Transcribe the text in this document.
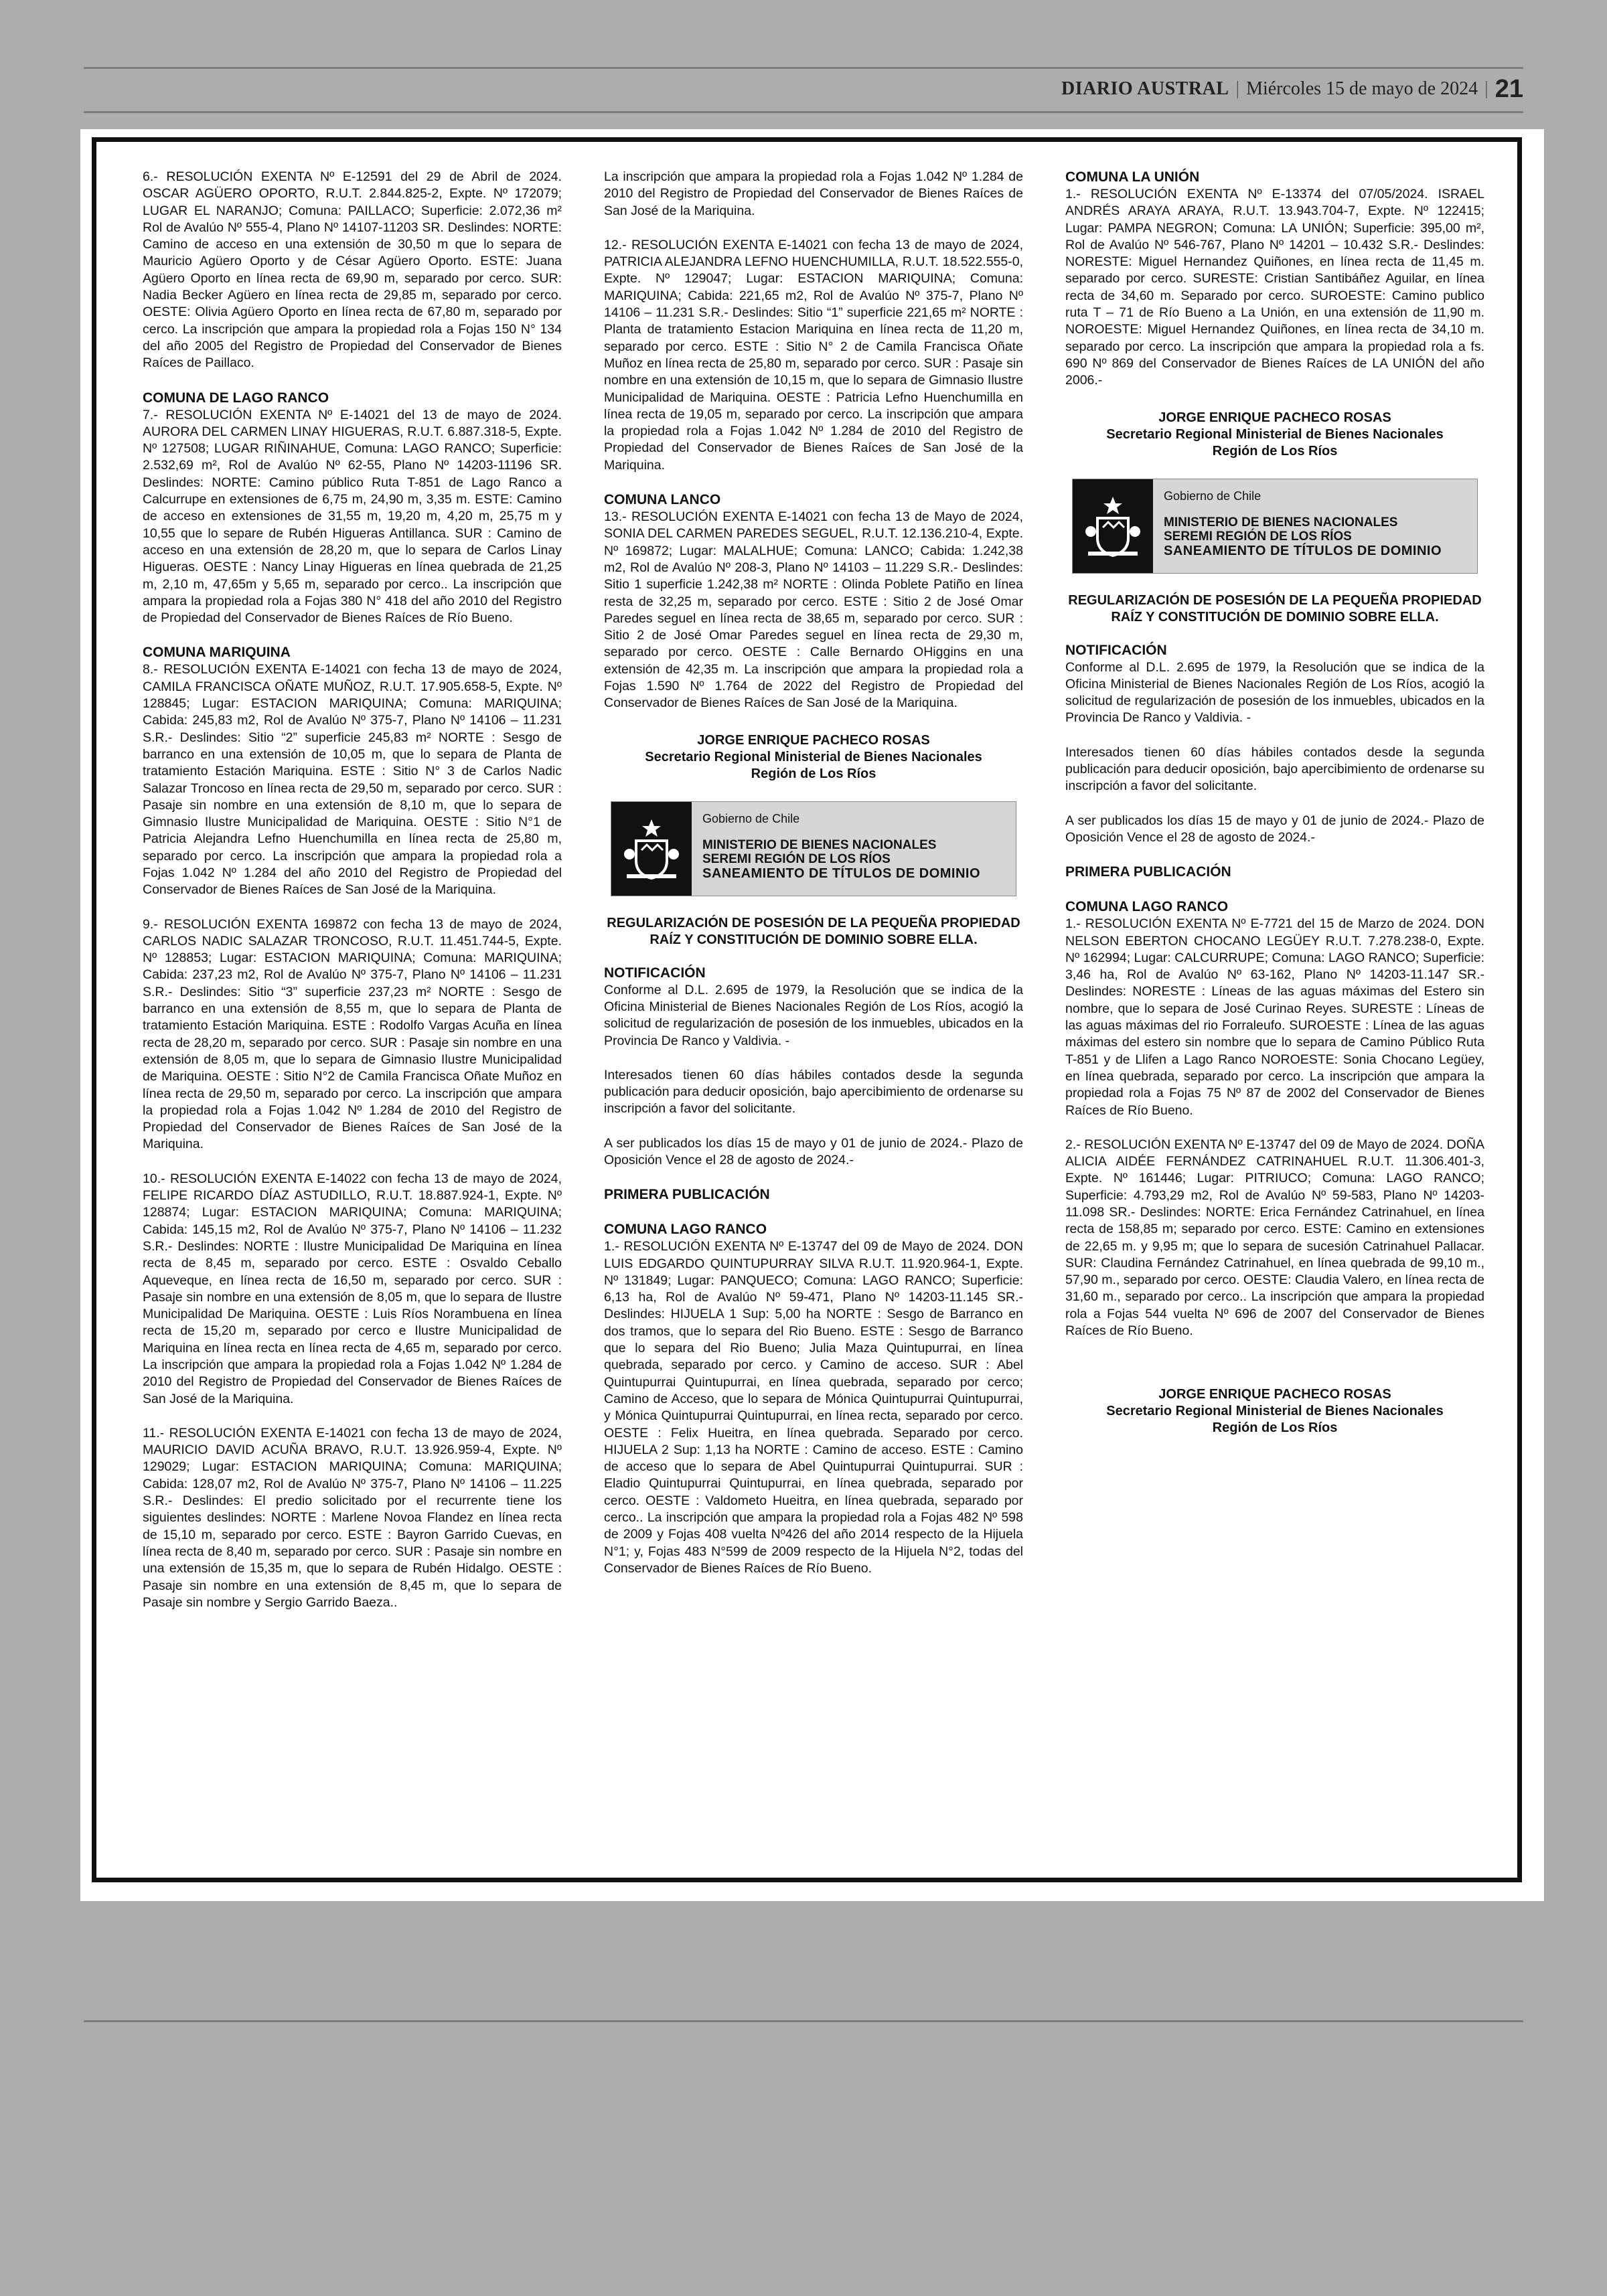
DIARIO AUSTRAL | Miércoles 15 de mayo de 2024 | 21

6.- RESOLUCIÓN EXENTA Nº E-12591 del 29 de Abril de 2024. OSCAR AGÜERO OPORTO, R.U.T. 2.844.825-2, Expte. Nº 172079; LUGAR EL NARANJO; Comuna: PAILLACO; Superficie: 2.072,36 m² Rol de Avalúo Nº 555-4, Plano Nº 14107-11203 SR. Deslindes: NORTE: Camino de acceso en una extensión de 30,50 m que lo separa de Mauricio Agüero Oporto y de César Agüero Oporto. ESTE: Juana Agüero Oporto en línea recta de 69,90 m, separado por cerco. SUR: Nadia Becker Agüero en línea recta de 29,85 m, separado por cerco. OESTE: Olivia Agüero Oporto en línea recta de 67,80 m, separado por cerco. La inscripción que ampara la propiedad rola a Fojas 150 N° 134 del año 2005 del Registro de Propiedad del Conservador de Bienes Raíces de Paillaco.

COMUNA DE LAGO RANCO

7.- RESOLUCIÓN EXENTA Nº E-14021 del 13 de mayo de 2024. AURORA DEL CARMEN LINAY HIGUERAS, R.U.T. 6.887.318-5, Expte. Nº 127508; LUGAR RIÑINAHUE, Comuna: LAGO RANCO; Superficie: 2.532,69 m², Rol de Avalúo Nº 62-55, Plano Nº 14203-11196 SR. Deslindes: NORTE: Camino público Ruta T-851 de Lago Ranco a Calcurrupe en extensiones de 6,75 m, 24,90 m, 3,35 m. ESTE: Camino de acceso en extensiones de 31,55 m, 19,20 m, 4,20 m, 25,75 m y 10,55 que lo separe de Rubén Higueras Antillanca. SUR : Camino de acceso en una extensión de 28,20 m, que lo separa de Carlos Linay Higueras. OESTE : Nancy Linay Higueras en línea quebrada de 21,25 m, 2,10 m, 47,65m y 5,65 m, separado por cerco.. La inscripción que ampara la propiedad rola a Fojas 380 N° 418 del año 2010 del Registro de Propiedad del Conservador de Bienes Raíces de Río Bueno.

COMUNA MARIQUINA

8.- RESOLUCIÓN EXENTA E-14021 con fecha 13 de mayo de 2024, CAMILA FRANCISCA OÑATE MUÑOZ, R.U.T. 17.905.658-5, Expte. Nº 128845; Lugar: ESTACION MARIQUINA; Comuna: MARIQUINA; Cabida: 245,83 m2, Rol de Avalúo Nº 375-7, Plano Nº 14106 – 11.231 S.R.- Deslindes: Sitio “2” superficie 245,83 m² NORTE : Sesgo de barranco en una extensión de 10,05 m, que lo separa de Planta de tratamiento Estación Mariquina. ESTE : Sitio N° 3 de Carlos Nadic Salazar Troncoso en línea recta de 29,50 m, separado por cerco. SUR : Pasaje sin nombre en una extensión de 8,10 m, que lo separa de Gimnasio Ilustre Municipalidad de Mariquina. OESTE : Sitio N°1 de Patricia Alejandra Lefno Huenchumilla en línea recta de 25,80 m, separado por cerco. La inscripción que ampara la propiedad rola a Fojas 1.042 Nº 1.284 del año 2010 del Registro de Propiedad del Conservador de Bienes Raíces de San José de la Mariquina.

9.- RESOLUCIÓN EXENTA 169872 con fecha 13 de mayo de 2024, CARLOS NADIC SALAZAR TRONCOSO, R.U.T. 11.451.744-5, Expte. Nº 128853; Lugar: ESTACION MARIQUINA; Comuna: MARIQUINA; Cabida: 237,23 m2, Rol de Avalúo Nº 375-7, Plano Nº 14106 – 11.231 S.R.- Deslindes: Sitio “3” superficie 237,23 m² NORTE : Sesgo de barranco en una extensión de 8,55 m, que lo separa de Planta de tratamiento Estación Mariquina. ESTE : Rodolfo Vargas Acuña en línea recta de 28,20 m, separado por cerco. SUR : Pasaje sin nombre en una extensión de 8,05 m, que lo separa de Gimnasio Ilustre Municipalidad de Mariquina. OESTE : Sitio N°2 de Camila Francisca Oñate Muñoz en línea recta de 29,50 m, separado por cerco. La inscripción que ampara la propiedad rola a Fojas 1.042 Nº 1.284 de 2010 del Registro de Propiedad del Conservador de Bienes Raíces de San José de la Mariquina.

10.- RESOLUCIÓN EXENTA E-14022 con fecha 13 de mayo de 2024, FELIPE RICARDO DÍAZ ASTUDILLO, R.U.T. 18.887.924-1, Expte. Nº 128874; Lugar: ESTACION MARIQUINA; Comuna: MARIQUINA; Cabida: 145,15 m2, Rol de Avalúo Nº 375-7, Plano Nº 14106 – 11.232 S.R.- Deslindes: NORTE : Ilustre Municipalidad De Mariquina en línea recta de 8,45 m, separado por cerco. ESTE : Osvaldo Ceballo Aqueveque, en línea recta de 16,50 m, separado por cerco. SUR : Pasaje sin nombre en una extensión de 8,05 m, que lo separa de Ilustre Municipalidad De Mariquina. OESTE : Luis Ríos Norambuena en línea recta de 15,20 m, separado por cerco e Ilustre Municipalidad de Mariquina en línea recta en línea recta de 4,65 m, separado por cerco. La inscripción que ampara la propiedad rola a Fojas 1.042 Nº 1.284 de 2010 del Registro de Propiedad del Conservador de Bienes Raíces de San José de la Mariquina.

11.- RESOLUCIÓN EXENTA E-14021 con fecha 13 de mayo de 2024, MAURICIO DAVID ACUÑA BRAVO, R.U.T. 13.926.959-4, Expte. Nº 129029; Lugar: ESTACION MARIQUINA; Comuna: MARIQUINA; Cabida: 128,07 m2, Rol de Avalúo Nº 375-7, Plano Nº 14106 – 11.225 S.R.- Deslindes: El predio solicitado por el recurrente tiene los siguientes deslindes: NORTE : Marlene Novoa Flandez en línea recta de 15,10 m, separado por cerco. ESTE : Bayron Garrido Cuevas, en línea recta de 8,40 m, separado por cerco. SUR : Pasaje sin nombre en una extensión de 15,35 m, que lo separa de Rubén Hidalgo. OESTE : Pasaje sin nombre en una extensión de 8,45 m, que lo separa de Pasaje sin nombre y Sergio Garrido Baeza..

La inscripción que ampara la propiedad rola a Fojas 1.042 Nº 1.284 de 2010 del Registro de Propiedad del Conservador de Bienes Raíces de San José de la Mariquina.

12.- RESOLUCIÓN EXENTA E-14021 con fecha 13 de mayo de 2024, PATRICIA ALEJANDRA LEFNO HUENCHUMILLA, R.U.T. 18.522.555-0, Expte. Nº 129047; Lugar: ESTACION MARIQUINA; Comuna: MARIQUINA; Cabida: 221,65 m2, Rol de Avalúo Nº 375-7, Plano Nº 14106 – 11.231 S.R.- Deslindes: Sitio “1” superficie 221,65 m² NORTE : Planta de tratamiento Estacion Mariquina en línea recta de 11,20 m, separado por cerco. ESTE : Sitio N° 2 de Camila Francisca Oñate Muñoz en línea recta de 25,80 m, separado por cerco. SUR : Pasaje sin nombre en una extensión de 10,15 m, que lo separa de Gimnasio Ilustre Municipalidad de Mariquina. OESTE : Patricia Lefno Huenchumilla en línea recta de 19,05 m, separado por cerco. La inscripción que ampara la propiedad rola a Fojas 1.042 Nº 1.284 de 2010 del Registro de Propiedad del Conservador de Bienes Raíces de San José de la Mariquina.

COMUNA LANCO

13.- RESOLUCIÓN EXENTA E-14021 con fecha 13 de Mayo de 2024, SONIA DEL CARMEN PAREDES SEGUEL, R.U.T. 12.136.210-4, Expte. Nº 169872; Lugar: MALALHUE; Comuna: LANCO; Cabida: 1.242,38 m2, Rol de Avalúo Nº 208-3, Plano Nº 14103 – 11.229 S.R.- Deslindes: Sitio 1 superficie 1.242,38 m² NORTE : Olinda Poblete Patiño en línea resta de 32,25 m, separado por cerco. ESTE : Sitio 2 de José Omar Paredes seguel en línea recta de 38,65 m, separado por cerco. SUR : Sitio 2 de José Omar Paredes seguel en línea recta de 29,30 m, separado por cerco. OESTE : Calle Bernardo OHiggins en una extensión de 42,35 m. La inscripción que ampara la propiedad rola a Fojas 1.590 Nº 1.764 de 2022 del Registro de Propiedad del Conservador de Bienes Raíces de San José de la Mariquina.

JORGE ENRIQUE PACHECO ROSAS
Secretario Regional Ministerial de Bienes Nacionales
Región de Los Ríos
Gobierno de Chile
MINISTERIO DE BIENES NACIONALES
SEREMI REGIÓN DE LOS RÍOS
SANEAMIENTO DE TÍTULOS DE DOMINIO
REGULARIZACIÓN DE POSESIÓN DE LA PEQUEÑA PROPIEDAD RAÍZ Y CONSTITUCIÓN DE DOMINIO SOBRE ELLA.
NOTIFICACIÓN

Conforme al D.L. 2.695 de 1979, la Resolución que se indica de la Oficina Ministerial de Bienes Nacionales Región de Los Ríos, acogió la solicitud de regularización de posesión de los inmuebles, ubicados en la Provincia De Ranco y Valdivia. -

Interesados tienen 60 días hábiles contados desde la segunda publicación para deducir oposición, bajo apercibimiento de ordenarse su inscripción a favor del solicitante.

A ser publicados los días 15 de mayo y 01 de junio de 2024.- Plazo de Oposición Vence el 28 de agosto de 2024.-

PRIMERA PUBLICACIÓN
COMUNA LAGO RANCO

1.- RESOLUCIÓN EXENTA Nº E-13747 del 09 de Mayo de 2024. DON LUIS EDGARDO QUINTUPURRAY SILVA R.U.T. 11.920.964-1, Expte. Nº 131849; Lugar: PANQUECO; Comuna: LAGO RANCO; Superficie: 6,13 ha, Rol de Avalúo Nº 59-471, Plano Nº 14203-11.145 SR.- Deslindes: HIJUELA 1 Sup: 5,00 ha NORTE : Sesgo de Barranco en dos tramos, que lo separa del Rio Bueno. ESTE : Sesgo de Barranco que lo separa del Rio Bueno; Julia Maza Quintupurrai, en línea quebrada, separado por cerco. y Camino de acceso. SUR : Abel Quintupurrai Quintupurrai, en línea quebrada, separado por cerco; Camino de Acceso, que lo separa de Mónica Quintupurrai Quintupurrai, y Mónica Quintupurrai Quintupurrai, en línea recta, separado por cerco. OESTE : Felix Hueitra, en línea quebrada. Separado por cerco. HIJUELA 2 Sup: 1,13 ha NORTE : Camino de acceso. ESTE : Camino de acceso que lo separa de Abel Quintupurrai Quintupurrai. SUR : Eladio Quintupurrai Quintupurrai, en línea quebrada, separado por cerco. OESTE : Valdometo Hueitra, en línea quebrada, separado por cerco.. La inscripción que ampara la propiedad rola a Fojas 482 Nº 598 de 2009 y Fojas 408 vuelta Nº426 del año 2014 respecto de la Hijuela N°1; y, Fojas 483 N°599 de 2009 respecto de la Hijuela N°2, todas del Conservador de Bienes Raíces de Río Bueno.

COMUNA LA UNIÓN

1.- RESOLUCIÓN EXENTA Nº E-13374 del 07/05/2024. ISRAEL ANDRÉS ARAYA ARAYA, R.U.T. 13.943.704-7, Expte. Nº 122415; Lugar: PAMPA NEGRON; Comuna: LA UNIÓN; Superficie: 395,00 m², Rol de Avalúo Nº 546-767, Plano Nº 14201 – 10.432 S.R.- Deslindes: NORESTE: Miguel Hernandez Quiñones, en línea recta de 11,45 m. separado por cerco. SURESTE: Cristian Santibáñez Aguilar, en línea recta de 34,60 m. Separado por cerco. SUROESTE: Camino publico ruta T – 71 de Río Bueno a La Unión, en una extensión de 11,90 m. NOROESTE: Miguel Hernandez Quiñones, en línea recta de 34,10 m. separado por cerco. La inscripción que ampara la propiedad rola a fs. 690 Nº 869 del Conservador de Bienes Raíces de LA UNIÓN del año 2006.-

JORGE ENRIQUE PACHECO ROSAS
Secretario Regional Ministerial de Bienes Nacionales
Región de Los Ríos
Gobierno de Chile
MINISTERIO DE BIENES NACIONALES
SEREMI REGIÓN DE LOS RÍOS
SANEAMIENTO DE TÍTULOS DE DOMINIO
REGULARIZACIÓN DE POSESIÓN DE LA PEQUEÑA PROPIEDAD RAÍZ Y CONSTITUCIÓN DE DOMINIO SOBRE ELLA.
NOTIFICACIÓN

Conforme al D.L. 2.695 de 1979, la Resolución que se indica de la Oficina Ministerial de Bienes Nacionales Región de Los Ríos, acogió la solicitud de regularización de posesión de los inmuebles, ubicados en la Provincia De Ranco y Valdivia. -

Interesados tienen 60 días hábiles contados desde la segunda publicación para deducir oposición, bajo apercibimiento de ordenarse su inscripción a favor del solicitante.

A ser publicados los días 15 de mayo y 01 de junio de 2024.- Plazo de Oposición Vence el 28 de agosto de 2024.-

PRIMERA PUBLICACIÓN
COMUNA LAGO RANCO

1.- RESOLUCIÓN EXENTA Nº E-7721 del 15 de Marzo de 2024. DON NELSON EBERTON CHOCANO LEGÜEY R.U.T. 7.278.238-0, Expte. Nº 162994; Lugar: CALCURRUPE; Comuna: LAGO RANCO; Superficie: 3,46 ha, Rol de Avalúo Nº 63-162, Plano Nº 14203-11.147 SR.- Deslindes: NORESTE : Líneas de las aguas máximas del Estero sin nombre, que lo separa de José Curinao Reyes. SURESTE : Líneas de las aguas máximas del rio Forraleufo. SUROESTE : Línea de las aguas máximas del estero sin nombre que lo separa de Camino Público Ruta T-851 y de Llifen a Lago Ranco NOROESTE: Sonia Chocano Legüey, en línea quebrada, separado por cerco. La inscripción que ampara la propiedad rola a Fojas 75 Nº 87 de 2002 del Conservador de Bienes Raíces de Río Bueno.

2.- RESOLUCIÓN EXENTA Nº E-13747 del 09 de Mayo de 2024. DOÑA ALICIA AIDÉE FERNÁNDEZ CATRINAHUEL R.U.T. 11.306.401-3, Expte. Nº 161446; Lugar: PITRIUCO; Comuna: LAGO RANCO; Superficie: 4.793,29 m2, Rol de Avalúo Nº 59-583, Plano Nº 14203-11.098 SR.- Deslindes: NORTE: Erica Fernández Catrinahuel, en línea recta de 158,85 m; separado por cerco. ESTE: Camino en extensiones de 22,65 m. y 9,95 m; que lo separa de sucesión Catrinahuel Pallacar. SUR: Claudina Fernández Catrinahuel, en línea quebrada de 99,10 m., 57,90 m., separado por cerco. OESTE: Claudia Valero, en línea recta de 31,60 m., separado por cerco.. La inscripción que ampara la propiedad rola a Fojas 544 vuelta Nº 696 de 2007 del Conservador de Bienes Raíces de Río Bueno.

JORGE ENRIQUE PACHECO ROSAS
Secretario Regional Ministerial de Bienes Nacionales
Región de Los Ríos
